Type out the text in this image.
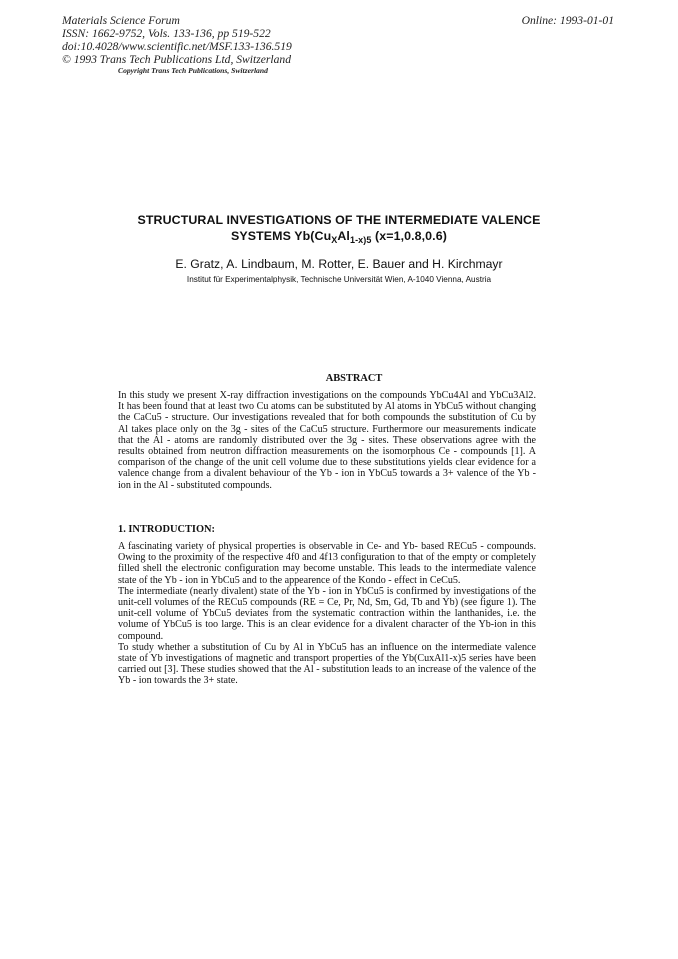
Materials Science Forum
ISSN: 1662-9752, Vols. 133-136, pp 519-522
doi:10.4028/www.scientific.net/MSF.133-136.519
© 1993 Trans Tech Publications Ltd, Switzerland
Online: 1993-01-01
Copyright Trans Tech Publications, Switzerland
STRUCTURAL INVESTIGATIONS OF THE INTERMEDIATE VALENCE
SYSTEMS $Yb(Cu_XAl_{1-x)5}$ (x=1,0.8,0.6)
E. Gratz, A. Lindbaum, M. Rotter, E. Bauer and H. Kirchmayr
Institut für Experimentalphysik, Technische Universität Wien, A-1040 Vienna, Austria
ABSTRACT

In this study we present X-ray diffraction investigations on the compounds YbCu4Al and YbCu3Al2. It has been found that at least two Cu atoms can be substituted by Al atoms in YbCu5 without changing the CaCu5 - structure. Our investigations revealed that for both compounds the substitution of Cu by Al takes place only on the 3g - sites of the CaCu5 structure. Furthermore our measurements indicate that the Al - atoms are randomly distributed over the 3g - sites. These observations agree with the results obtained from neutron diffraction measurements on the isomorphous Ce - compounds [1]. A comparison of the change of the unit cell volume due to these substitutions yields clear evidence for a valence change from a divalent behaviour of the Yb - ion in YbCu5 towards a 3+ valence of the Yb - ion in the Al - substituted compounds.

1. INTRODUCTION:

A fascinating variety of physical properties is observable in Ce- and Yb- based RECu5 - compounds. Owing to the proximity of the respective 4f0 and 4f13 configuration to that of the empty or completely filled shell the electronic configuration may become unstable. This leads to the intermediate valence state of the Yb - ion in YbCu5 and to the appearence of the Kondo - effect in CeCu5.

The intermediate (nearly divalent) state of the Yb - ion in YbCu5 is confirmed by investigations of the unit-cell volumes of the RECu5 compounds (RE = Ce, Pr, Nd, Sm, Gd, Tb and Yb) (see figure 1). The unit-cell volume of YbCu5 deviates from the systematic contraction within the lanthanides, i.e. the volume of YbCu5 is too large. This is an clear evidence for a divalent character of the Yb-ion in this compound.

To study whether a substitution of Cu by Al in YbCu5 has an influence on the intermediate valence state of Yb investigations of magnetic and transport properties of the Yb(CuxAl1-x)5 series have been carried out [3]. These studies showed that the Al - substitution leads to an increase of the valence of the Yb - ion towards the 3+ state.
